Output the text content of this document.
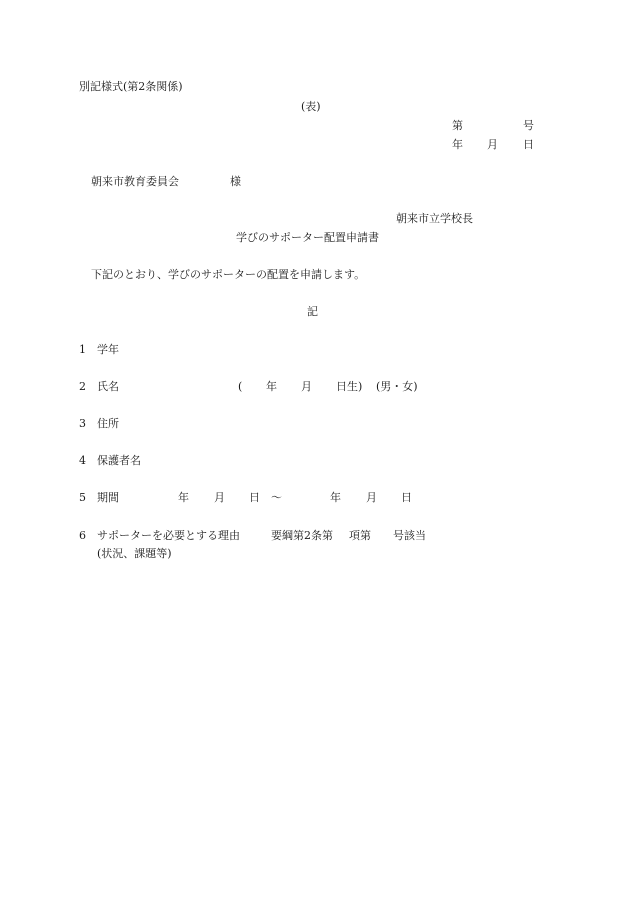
別記様式(第2条関係)
(表)
第	号
年 月 日
朝来市教育委員会	様
朝来市立学校長
学びのサポーター配置申請書
下記のとおり、学びのサポーターの配置を申請します。
記
1 学年
2 氏名	( 年 月 日生) (男・女)
3 住所
4 保護者名
5 期間	年 月 日 〜	年 月 日
6 サポーターを必要とする理由	要綱第2条第 項第 号該当
(状況、課題等)
